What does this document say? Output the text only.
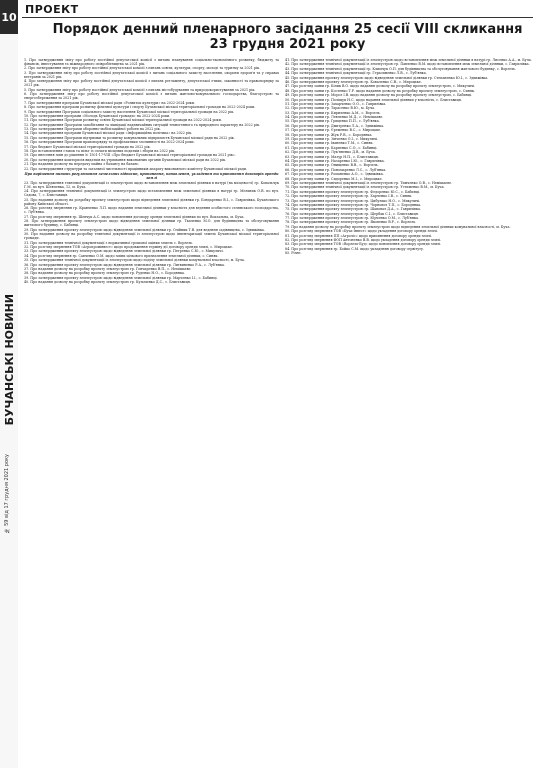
10
ПРОЕКТ
БУЧАНСЬКІ НОВИНИ
№ 59 від 17 грудня 2021 року
Порядок денний пленарного засідання 25 сесії VIII скликання
23 грудня 2021 року

1. Про затвердження звіту про роботу постійної депутатської комісії з питань планування соціально-економічного розвитку, бюджету та фінансів, інвестування та міжнародного співробітництва за 2021 рік.

2. Про затвердження звіту про роботу постійної депутатської комісії з питань освіти, культури, спорту, молоді та туризму за 2021 рік.

3. Про затвердження звіту про роботу постійної депутатської комісії з питань соціального захисту населення, охорони здоров'я та у справах ветеранів за 2021 рік.

4. Про затвердження звіту про роботу постійної депутатської комісії з питань регламенту, депутатської етики, законності та правопорядку за 2021 рік.

5. Про затвердження звіту про роботу постійної депутатської комісії з питань містобудування та природокористування за 2021 рік.

6. Про затвердження звіту про роботу постійної депутатської комісії з питань житлово-комунального господарства, благоустрою та енергозбереження за 2021 рік.

7. Про затвердження програми Бучанської міської ради «Розвиток культури» на 2022-2024 роки.

8. Про затвердження програми розвитку фізичної культури і спорту Бучанської міської територіальної громади на 2022-2024 роки.

9. Про затвердження Програми соціального захисту населення Бучанської міської територіальної громади на 2022 рік.

10. Про затвердження програми «Молодь Бучанської громади» на 2022-2024 роки.

11. Про затвердження Програми розвитку освіти Бучанської міської територіальної громади на 2022-2024 роки.

12. Про затвердження Програми запобігання та ліквідації надзвичайних ситуацій техногенного та природного характеру на 2022 рік.

13. Про затвердження Програми оборонно-мобілізаційної роботи на 2022 рік.

14. Про затвердження програми Бучанської міської ради «Інформаційна політика» на 2022 рік.

15. Про затвердження Програми підтримки та розвитку комунальних підприємств Бучанської міської ради на 2022 рік.

16. Про затвердження Програми правопорядку та профілактики злочинності на 2022-2024 роки.

17. Про бюджет Бучанської міської територіальної громади на 2022 рік.

18. Про встановлення ставок та пільг із сплати місцевих податків і зборів на 2022 рік.

19. Про внесення змін до рішення № 1501-17-VIII «Про бюджет Бучанської міської територіальної громади на 2021 рік».

20. Про затвердження кошторисів видатків на утримання виконавчих органів Бучанської міської ради на 2022 рік.

21. Про надання дозволу на передачу майна з балансу на баланс.

22. Про затвердження структури та загальної чисельності працівників апарату виконавчого комітету Бучанської міської ради.

Про вирішення питань регулювання земельних відносин, припинення, поновлення, укладення та припинення договорів оренди землі

23. Про затвердження технічної документації із землеустрою щодо встановлення меж земельної ділянки в натурі (на місцевості) гр. Ковальчук Г.М. по вул. Шевченка, 12, м. Буча.

24. Про затвердження технічної документації із землеустрою щодо встановлення меж земельної ділянки в натурі гр. Мельник О.В. по вул. Садова, 7, с. Блиставиця.

25. Про надання дозволу на розробку проекту землеустрою щодо відведення земельної ділянки гр. Бондаренко В.І., с. Гаврилівка, Бучанського району Київської області.

26. Про розгляд звернення гр. Кравченко Л.П. щодо надання земельної ділянки у власність для ведення особистого селянського господарства, с. Луб'янка.

27. Про розгляд звернення гр. Шевчук А.С. щодо поновлення договору оренди земельної ділянки по вул. Вокзальна, м. Буча.

28. Про затвердження проекту землеустрою щодо відведення земельної ділянки гр. Ткаченко М.О. для будівництва та обслуговування житлового будинку, с. Бабинці.

29. Про затвердження проекту землеустрою щодо відведення земельної ділянки гр. Олійник Т.В. для ведення садівництва, с. Здвижівка.

30. Про надання дозволу на розробку технічної документації із землеустрою щодо інвентаризації земель Бучанської міської територіальної громади.

31. Про затвердження технічної документації з нормативної грошової оцінки земель с. Ворзель.

32. Про розгляд звернення ТОВ «Агропромінвест» щодо продовження терміну дії договору оренди землі, с. Мироцьке.

33. Про затвердження проекту землеустрою щодо відведення земельної ділянки гр. Петренко С.Ю., с. Микуличі.

34. Про розгляд звернення гр. Савченко О.М. щодо зміни цільового призначення земельної ділянки, с. Синяк.

35. Про затвердження технічної документації із землеустрою щодо поділу земельної ділянки комунальної власності, м. Буча.

36. Про затвердження проекту землеустрою щодо відведення земельної ділянки гр. Литвиненко Р.А., с. Луб'янка.

37. Про надання дозволу на розробку проекту землеустрою гр. Гончаренко В.П., с. Немішаєве.

38. Про надання дозволу на розробку проекту землеустрою гр. Руденко Н.О., с. Бородянка.

39. Про затвердження проекту землеустрою щодо відведення земельної ділянки гр. Марченко І.І., с. Бабинці.

40. Про надання дозволу на розробку проекту землеустрою гр. Кузьменко Д.С., с. Блиставиця.

41. Про затвердження технічної документації із землеустрою щодо встановлення меж земельної ділянки в натурі гр. Лисенко А.А., м. Буча.

42. Про затвердження технічної документації із землеустрою гр. Павленко В.М. щодо встановлення меж земельної ділянки, с. Гаврилівка.

43. Про затвердження технічної документації гр. Климчук О.П. для будівництва та обслуговування житлового будинку, с. Ворзель.

44. Про затвердження технічної документації гр. Герасименко Л.В., с. Луб'янка.

45. Про затвердження проекту землеустрою щодо відведення земельної ділянки гр. Степаненко Ю.І., с. Здвижівка.

46. Про затвердження проекту землеустрою гр. Коваленко С.В., с. Мироцьке.

47. Про розгляд заяви гр. Білик В.О. щодо надання дозволу на розробку проекту землеустрою, с. Микуличі.

48. Про розгляд заяви гр. Костенко Т.Р. щодо надання дозволу на розробку проекту землеустрою, с. Синяк.

49. Про розгляд заяви гр. Мороз І.В. щодо надання дозволу на розробку проекту землеустрою, с. Бабинці.

50. Про розгляд заяви гр. Поліщук Н.С. щодо надання земельної ділянки у власність, с. Блиставиця.

51. Про розгляд заяви гр. Захарченко О.О., с. Гаврилівка.

52. Про розгляд заяви гр. Тарасенко В.Ю., м. Буча.

53. Про розгляд заяви гр. Кириленко А.М., с. Ворзель.

54. Про розгляд заяви гр. Левченко М.Д., с. Немішаєве.

55. Про розгляд заяви гр. Гриценко П.П., с. Луб'янка.

56. Про розгляд заяви гр. Дмитренко Л.А., с. Здвижівка.

57. Про розгляд заяви гр. Єременко В.С., с. Мироцьке.

58. Про розгляд заяви гр. Жук Р.В., с. Бородянка.

59. Про розгляд заяви гр. Зінченко О.І., с. Микуличі.

60. Про розгляд заяви гр. Іваненко Т.М., с. Синяк.

61. Про розгляд заяви гр. Карпенко С.О., с. Бабинці.

62. Про розгляд заяви гр. Лук'яненко Д.В., м. Буча.

63. Про розгляд заяви гр. Мазур Н.П., с. Блиставиця.

64. Про розгляд заяви гр. Назаренко І.Ю., с. Гаврилівка.

65. Про розгляд заяви гр. Онищенко В.В., с. Ворзель.

66. Про розгляд заяви гр. Пономаренко Л.С., с. Луб'янка.

67. Про розгляд заяви гр. Романенко А.О., с. Здвижівка.

68. Про розгляд заяви гр. Сидоренко М.І., с. Мироцьке.

69. Про затвердження технічної документації із землеустрою гр. Тимченко О.В., с. Немішаєве.

70. Про затвердження технічної документації із землеустрою гр. Устименко В.М., м. Буча.

71. Про затвердження проекту землеустрою гр. Федоренко Ю.С., с. Бабинці.

72. Про затвердження проекту землеустрою гр. Харченко І.В., с. Синяк.

73. Про затвердження проекту землеустрою гр. Цибулько Н.О., с. Микуличі.

74. Про затвердження проекту землеустрою гр. Чорновол Т.П., с. Бородянка.

75. Про затвердження проекту землеустрою гр. Шаповал Д.А., с. Гаврилівка.

76. Про затвердження проекту землеустрою гр. Щербак С.І., с. Блиставиця.

77. Про затвердження проекту землеустрою гр. Юрченко О.М., с. Луб'янка.

78. Про затвердження проекту землеустрою гр. Яковенко В.Р., с. Ворзель.

79. Про надання дозволу на розробку проекту землеустрою щодо відведення земельної ділянки комунальної власності, м. Буча.

80. Про розгляд звернення ТОВ «Буча-Інвест» щодо укладення договору оренди землі.

81. Про розгляд звернення ПП «Агроліс» щодо припинення договору оренди землі.

82. Про розгляд звернення ФОП Антоненко В.В. щодо укладення договору оренди землі.

83. Про розгляд звернення ТОВ «Ворзель-Буд» щодо поновлення договору оренди землі.

84. Про розгляд звернення гр. Бойко С.М. щодо укладення договору сервітуту.

85. Різне.
